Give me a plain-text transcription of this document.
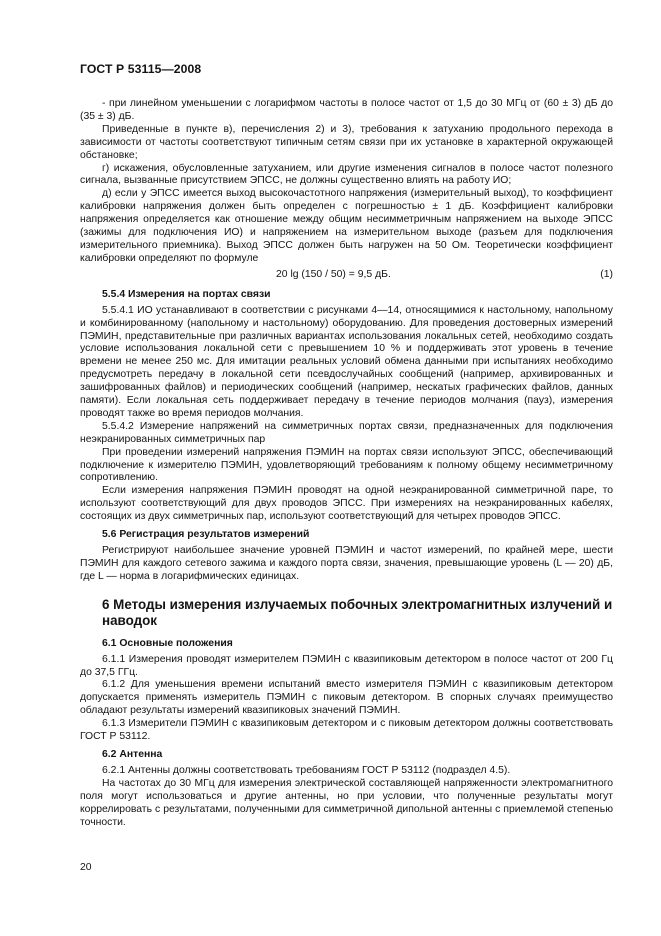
ГОСТ Р 53115—2008

- при линейном уменьшении с логарифмом частоты в полосе частот от 1,5 до 30 МГц от (60 ± 3) дБ до (35 ± 3) дБ.

Приведенные в пункте в), перечисления 2) и 3), требования к затуханию продольного перехода в зависимости от частоты соответствуют типичным сетям связи при их установке в характерной окружающей обстановке;

г) искажения, обусловленные затуханием, или другие изменения сигналов в полосе частот полезного сигнала, вызванные присутствием ЭПСС, не должны существенно влиять на работу ИО;

д) если у ЭПСС имеется выход высокочастотного напряжения (измерительный выход), то коэффициент калибровки напряжения должен быть определен с погрешностью ± 1 дБ. Коэффициент калибровки напряжения определяется как отношение между общим несимметричным напряжением на выходе ЭПСС (зажимы для подключения ИО) и напряжением на измерительном выходе (разъем для подключения измерительного приемника). Выход ЭПСС должен быть нагружен на 50 Ом. Теоретически коэффициент калибровки определяют по формуле

20 lg (150 / 50) = 9,5 дБ.	(1)
5.5.4 Измерения на портах связи

5.5.4.1 ИО устанавливают в соответствии с рисунками 4—14, относящимися к настольному, напольному и комбинированному (напольному и настольному) оборудованию. Для проведения достоверных измерений ПЭМИН, представительные при различных вариантах использования локальных сетей, необходимо создать условие использования локальной сети с превышением 10 % и поддерживать этот уровень в течение времени не менее 250 мс. Для имитации реальных условий обмена данными при испытаниях необходимо предусмотреть передачу в локальной сети псевдослучайных сообщений (например, архивированных и зашифрованных файлов) и периодических сообщений (например, нескатых графических файлов, данных памяти). Если локальная сеть поддерживает передачу в течение периодов молчания (пауз), измерения проводят также во время периодов молчания.

5.5.4.2 Измерение напряжений на симметричных портах связи, предназначенных для подключения неэкранированных симметричных пар

При проведении измерений напряжения ПЭМИН на портах связи используют ЭПСС, обеспечивающий подключение к измерителю ПЭМИН, удовлетворяющий требованиям к полному общему несимметричному сопротивлению.

Если измерения напряжения ПЭМИН проводят на одной неэкранированной симметричной паре, то используют соответствующий для двух проводов ЭПСС. При измерениях на неэкранированных кабелях, состоящих из двух симметричных пар, используют соответствующий для четырех проводов ЭПСС.

5.6 Регистрация результатов измерений

Регистрируют наибольшее значение уровней ПЭМИН и частот измерений, по крайней мере, шести ПЭМИН для каждого сетевого зажима и каждого порта связи, значения, превышающие уровень (L — 20) дБ, где L — норма в логарифмических единицах.

6 Методы измерения излучаемых побочных электромагнитных излучений и наводок
6.1 Основные положения

6.1.1 Измерения проводят измерителем ПЭМИН с квазипиковым детектором в полосе частот от 200 Гц до 37,5 ГГц.

6.1.2 Для уменьшения времени испытаний вместо измерителя ПЭМИН с квазипиковым детектором допускается применять измеритель ПЭМИН с пиковым детектором. В спорных случаях преимущество обладают результаты измерений квазипиковых значений ПЭМИН.

6.1.3 Измерители ПЭМИН с квазипиковым детектором и с пиковым детектором должны соответствовать ГОСТ Р 53112.

6.2 Антенна

6.2.1 Антенны должны соответствовать требованиям ГОСТ Р 53112 (подраздел 4.5).

На частотах до 30 МГц для измерения электрической составляющей напряженности электромагнитного поля могут использоваться и другие антенны, но при условии, что полученные результаты могут коррелировать с результатами, полученными для симметричной дипольной антенны с приемлемой степенью точности.

20
